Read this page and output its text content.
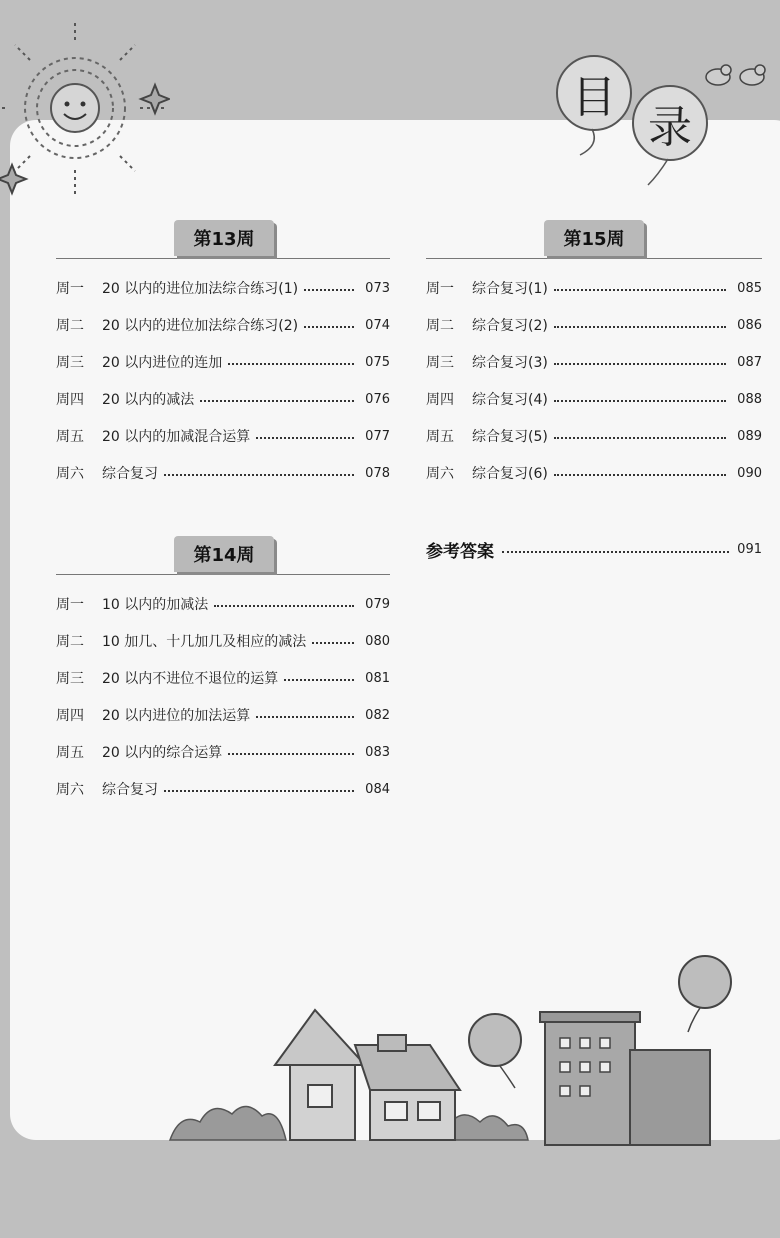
目
录
第13周
周一	20 以内的进位加法综合练习(1)	073
周二	20 以内的进位加法综合练习(2)	074
周三	20 以内进位的连加	075
周四	20 以内的减法	076
周五	20 以内的加减混合运算	077
周六	综合复习	078
第14周
周一	10 以内的加减法	079
周二	10 加几、十几加几及相应的减法	080
周三	20 以内不进位不退位的运算	081
周四	20 以内进位的加法运算	082
周五	20 以内的综合运算	083
周六	综合复习	084
第15周
周一	综合复习(1)	085
周二	综合复习(2)	086
周三	综合复习(3)	087
周四	综合复习(4)	088
周五	综合复习(5)	089
周六	综合复习(6)	090
参考答案	091
